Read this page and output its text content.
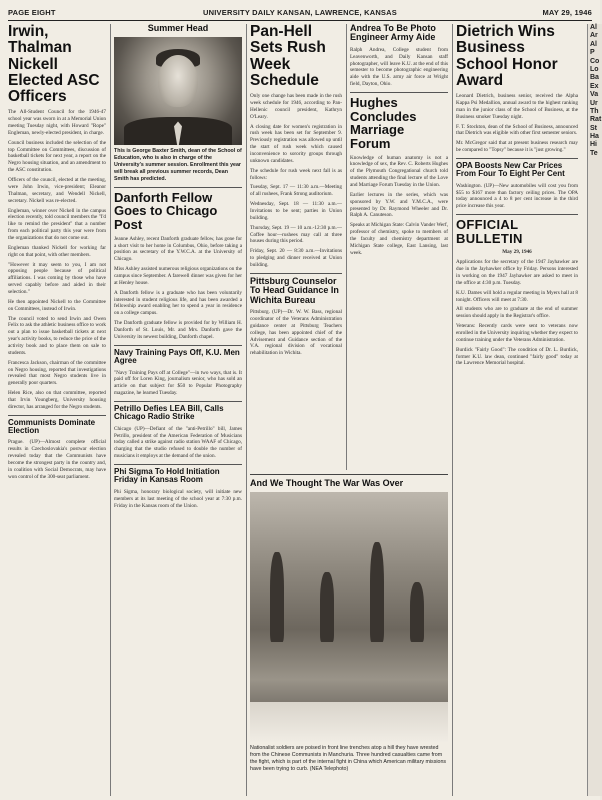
PAGE EIGHT	UNIVERSITY DAILY KANSAN, LAWRENCE, KANSAS	MAY 29, 1946
Irwin, Thalman Nickell Elected ASC Officers

The All-Student Council for the 1946-47 school year was sworn in at a Memorial Union meeting Tuesday night, with Howard "Rope" Engleman, newly-elected president, in charge.

Council business included the selection of the top Committee on Committees, discussion of basketball tickets for next year, a report on the Negro housing situation, and an amendment to the ASC constitution.

Officers of the council, elected at the meeting, were John Irwin, vice-president; Eleanor Thalman, secretary, and Wendell Nickell, secretary. Nickell was re-elected.

Engleman, winner over Nickell in the campus election recently, told council members the "I'd like to remind the president" that a number from each political party this year were from the organizations that do not come out.

Engleman thanked Nickell for working far right on that point, with other members.

"However it may seem to you, I am not opposing people because of political affiliations. I was coming by those who have served capably before and aided in their selection."

He then appointed Nickell to the Committee on Committees, instead of Irwin.

The council voted to send Irwin and Owen Felix to ask the athletic business office to work out a plan to issue basketball tickets at next year's activity books, to reduce the price of the activity book and to place them on sale to students.

Francesca Jackson, chairman of the committee on Negro housing, reported that investigations revealed that most Negro students live in generally poor quarters.

Helen Rice, also on that committee, reported that Irvin Youngberg, University housing director, has arranged for the Negro students.

Communists Dominate Election

Prague. (UP)—Almost complete official results in Czechoslovakia's postwar election revealed today that the Communists have become the strongest party in the country and, in coalition with Social Democrats, may have won control of the 300-seat parliament.

Summer Head

This is George Baxter Smith, dean of the School of Education, who is also in charge of the University's summer session. Enrollment this year will break all previous summer records, Dean Smith has predicted.

Danforth Fellow Goes to Chicago Post

Jeanne Ashley, recent Danforth graduate fellow, has gone for a short visit to her home in Columbus, Ohio, before taking a position as secretary of the Y.W.C.A. at the University of Chicago.

Miss Ashley assisted numerous religious organizations on the campus since September. A farewell dinner was given for her at Henley house.

A Danforth fellow is a graduate who has been voluntarily interested in student religious life, and has been awarded a fellowship award enabling her to spend a year in residence on a college campus.

The Danforth graduate fellow is provided for by William H. Danforth of St. Louis, Mr. and Mrs. Danforth gave the University its newest building, Danforth chapel.

Navy Training Pays Off, K.U. Men Agree

"Navy Training Pays off at College"—in two ways, that is. It paid off for Loren King, journalism senior, who has sold an article on that subject for $50 to Popular Photography magazine, he learned Tuesday.

Petrillo Defies LEA Bill, Calls Chicago Radio Strike

Chicago (UP)—Defiant of the "anti-Petrillo" bill, James Petrillo, president of the American Federation of Musicians today called a strike against radio station WAAF of Chicago, charging that the studio refused to double the number of musicians it employs at the demand of the union.

Phi Sigma To Hold Initiation Friday in Kansas Room

Phi Sigma, honorary biological society, will initiate new members at its last meeting of the school year at 7:30 p.m. Friday in the Kansas room of the Union.

Pan-Hell Sets Rush Week Schedule

Only one change has been made in the rush week schedule for 1946, according to Pan-Hellenic council president, Kathryn O'Leary.

A closing date for women's registration in rush week has been set for September 9. Previously registration was allowed up until the start of rush week which caused inconvenience to sorority groups through unknown candidates.

The schedule for rush week next fall is as follows:

Tuesday, Sept. 17 — 11:30 a.m.—Meeting of all rushees, Frank Strong auditorium.

Wednesday, Sept. 18 — 11:30 a.m.—Invitations to be sent; parties in Union building.

Thursday, Sept. 19 — 10 a.m.-12:30 p.m.—Coffee hour—rushees may call at three houses during this period.

Friday, Sept. 20 — 8:30 a.m.—Invitations to pledging and dinner received at Union building.

Pittsburg Counselor To Head Guidance In Wichita Bureau

Pittsburg. (UP)—Dr. W. W. Bass, regional coordinator of the Veterans Administration guidance center at Pittsburg Teachers college, has been appointed chief of the Advisement and Guidance section of the V.A. regional division of vocational rehabilitation in Wichita.

Andrea To Be Photo Engineer Army Aide

Ralph Andrea, College student from Leavenworth, and Daily Kansan staff photographer, will leave K.U. at the end of this semester to become photographic engineering aide with the U.S. army air force at Wright field, Dayton, Ohio.

Hughes Concludes Marriage Forum

Knowledge of human anatomy is not a knowledge of sex, the Rev. C. Roberts Hughes of the Plymouth Congregational church told students attending the final lecture of the Love and Marriage Forum Tuesday in the Union.

Earlier lectures in the series, which was sponsored by Y.W. and Y.M.C.A., were presented by Dr. Raymond Wheeler and Dr. Ralph A. Canuteson.

Speaks at Michigan State: Calvin Vander Werf, professor of chemistry, spoke to members of the faculty and chemistry department at Michigan State college, East Lansing, last week.

And We Thought The War Was Over

Nationalist soldiers are poised in front line trenches atop a hill they have wrested from the Chinese Communists in Manchuria. Three hundred casualties came from the fight, which is part of the internal fight in China which American military missions have been trying to curb. (NEA Telephoto)

Dietrich Wins Business School Honor Award

Leonard Dietrich, business senior, received the Alpha Kappa Psi Medallion, annual award to the highest ranking man in the junior class of the School of Business, at the Business smoker Tuesday night.

F. T. Stockton, dean of the School of Business, announced that Dietrich was eligible with other first semester seniors.

Mr. McGregor said that at present business research may be compared to "Topsy" because it is "just growing."

OPA Boosts New Car Prices From Four To Eight Per Cent

Washington. (UP)—New automobiles will cost you from $55 to $167 more than factory ceiling prices. The OPA today announced a 4 to 8 per cent increase in the third price increase this year.

OFFICIAL BULLETIN

May 29, 1946

Applications for the secretary of the 1947 Jayhawker are due in the Jayhawker office by Friday. Persons interested in working on the 1947 Jayhawker are asked to meet in the office at 4:30 p.m. Tuesday.

K.U. Dames will hold a regular meeting in Myers hall at 8 tonight. Officers will meet at 7:30.

All students who are to graduate at the end of summer session should apply in the Registrar's office.

Veterans: Recently cards were sent to veterans now enrolled in the University inquiring whether they expect to continue training under the Veterans Administration.

Burdick "Fairly Good": The condition of Dr. L. Burdick, former K.U. law dean, continued "fairly good" today at the Lawrence Memorial hospital.

Al
Ar
Al
P
Co
Lo
Ba
Ex
Va
Ur
Th
Rat
St
Ha
Hi
Te
